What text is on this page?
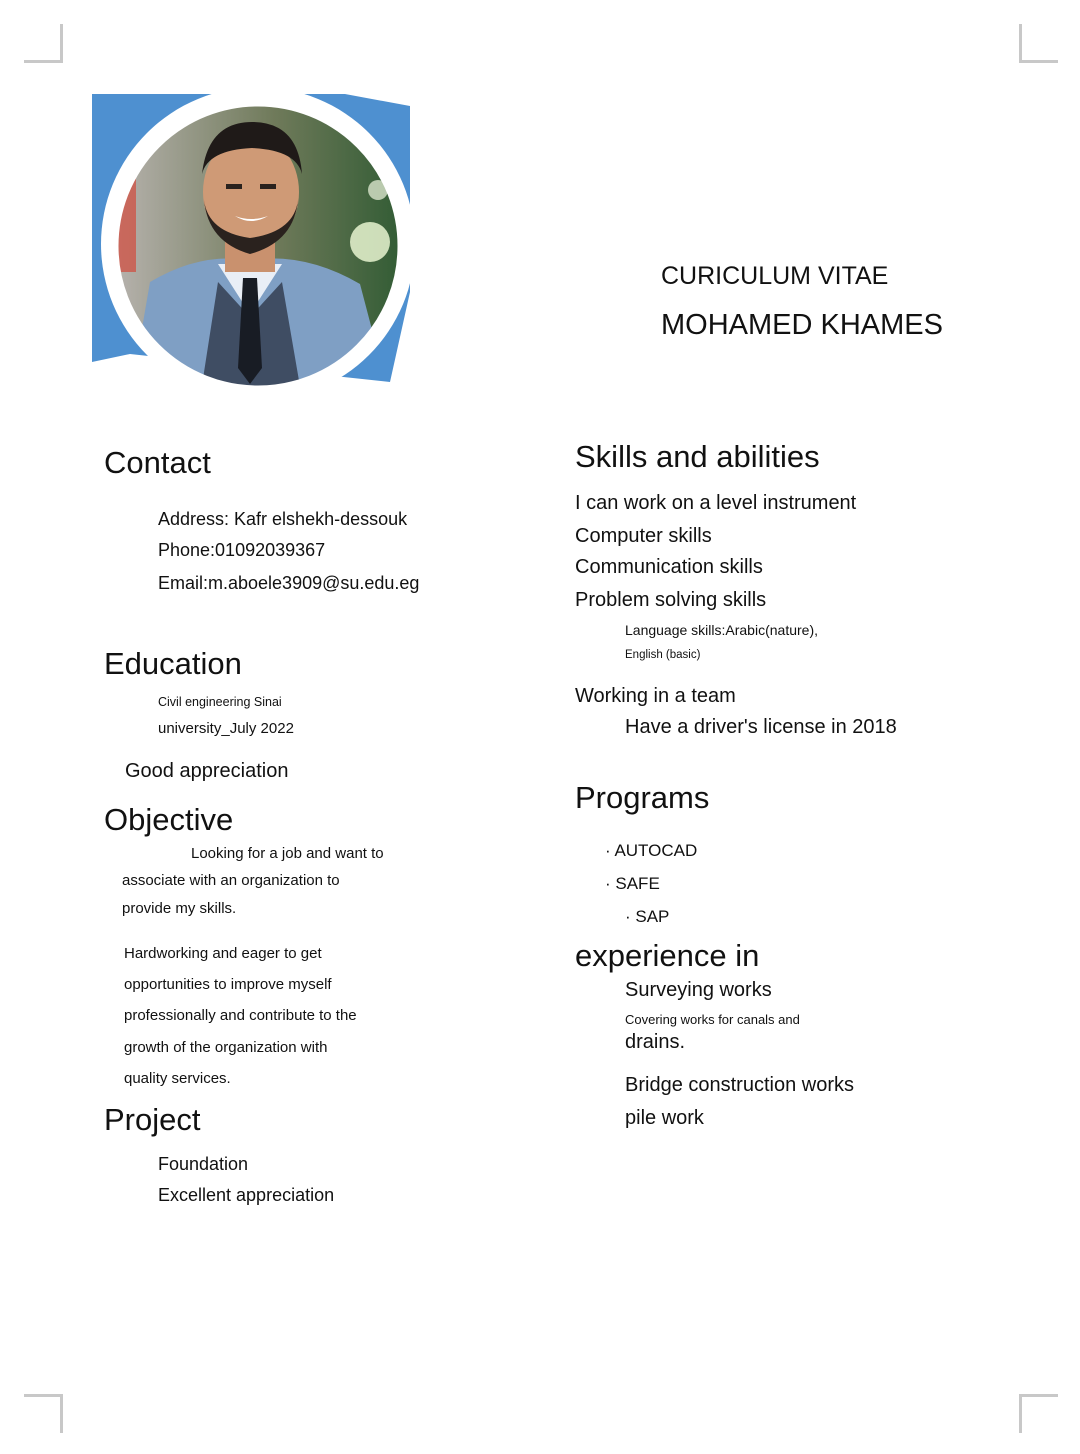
CURICULUM VITAE
MOHAMED KHAMES
Contact
Address: Kafr elshekh-dessouk
Phone:01092039367
Email:m.aboele3909@su.edu.eg
Education
Civil engineering Sinai
university_July 2022
Good appreciation
Objective
Looking for a job and want to
associate with an organization to
provide my skills.
Hardworking and eager to get
opportunities to improve myself
professionally and contribute to the
growth of the organization with
quality services.
Project
Foundation
Excellent appreciation
Skills and abilities
I can work on a level instrument
Computer skills
Communication skills
Problem solving skills
Language skills:Arabic(nature),
English (basic)
Working in a team
Have a driver's license in 2018
Programs
· AUTOCAD
· SAFE
· SAP
experience in
Surveying works
Covering works for canals and
drains.
Bridge construction works
pile work
